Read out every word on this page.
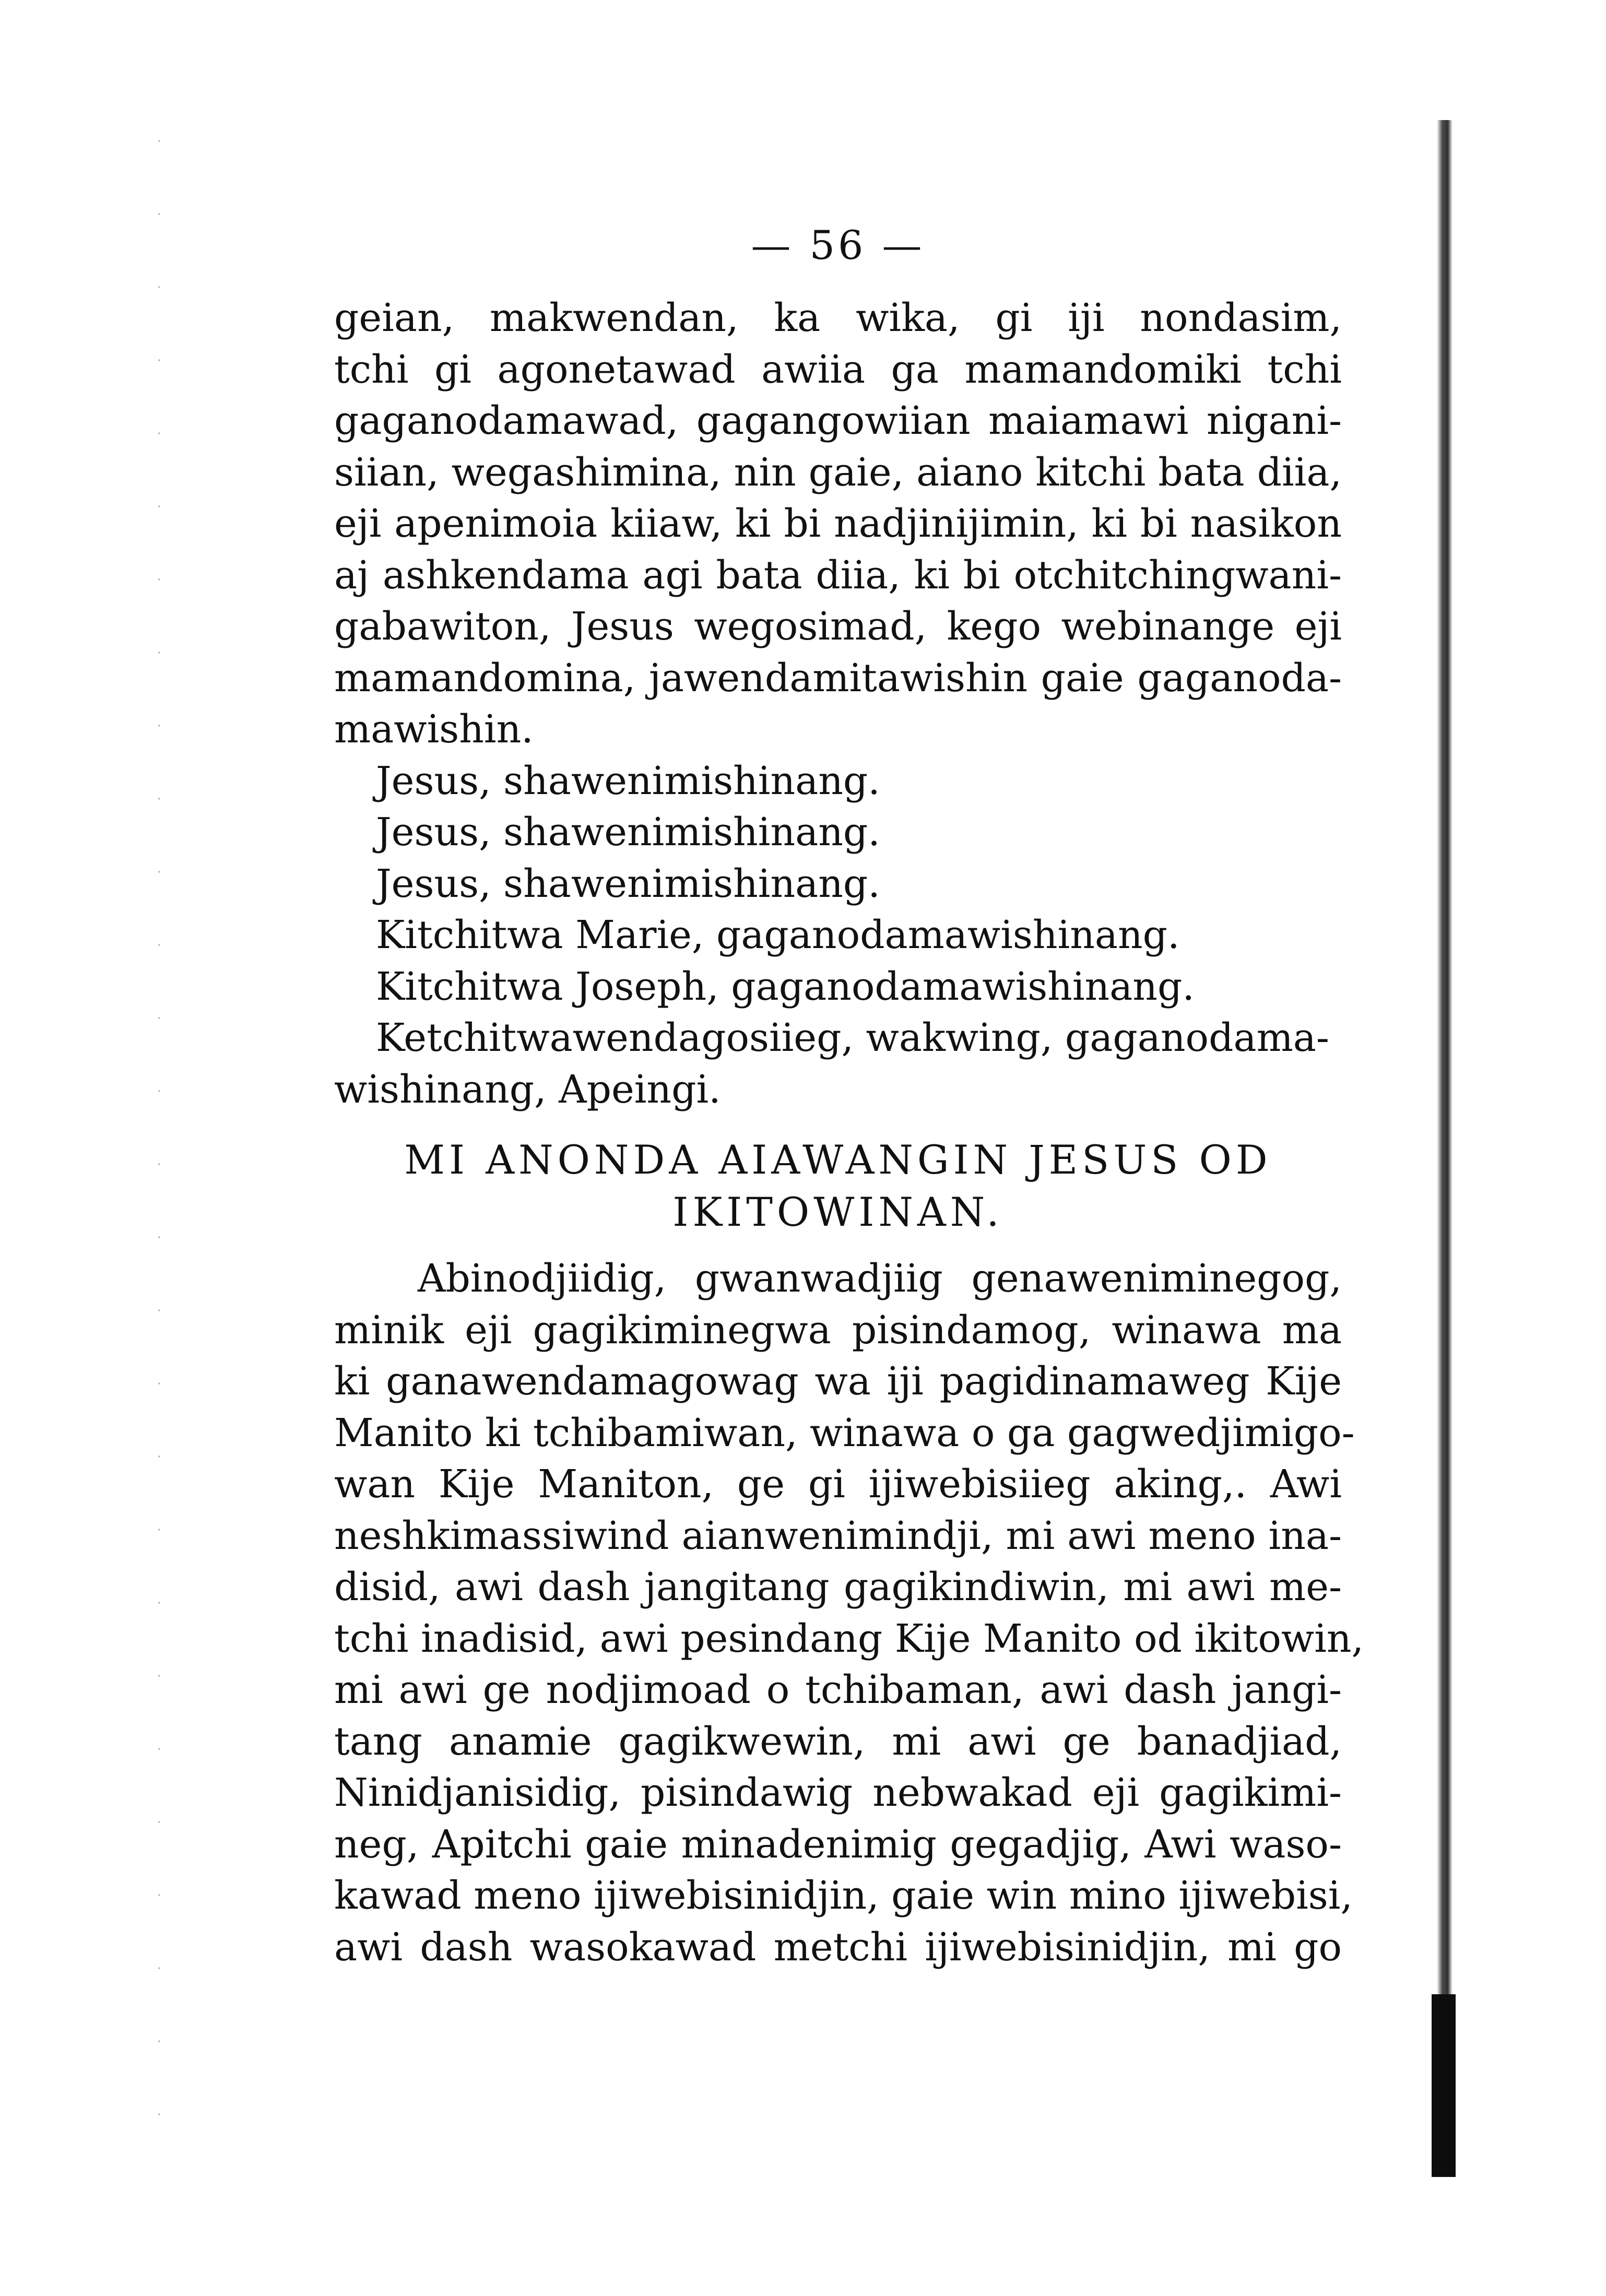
— 56 —
geian, makwendan, ka wika, gi iji nondasim,
tchi gi agonetawad awiia ga mamandomiki tchi
gaganodamawad, gagangowiian maiamawi nigani-
siian, wegashimina, nin gaie, aiano kitchi bata diia,
eji apenimoia kiiaw, ki bi nadjinijimin, ki bi nasikon
aj ashkendama agi bata diia, ki bi otchitchingwani-
gabawiton, Jesus wegosimad, kego webinange eji
mamandomina, jawendamitawishin gaie gaganoda-
mawishin.
Jesus, shawenimishinang.
Jesus, shawenimishinang.
Jesus, shawenimishinang.
Kitchitwa Marie, gaganodamawishinang.
Kitchitwa Joseph, gaganodamawishinang.
Ketchitwawendagosiieg, wakwing, gaganodama-
wishinang, Apeingi.
MI ANONDA AIAWANGIN JESUS OD
IKITOWINAN.
Abinodjiidig, gwanwadjiig genaweniminegog,
minik eji gagikiminegwa pisindamog, winawa ma
ki ganawendamagowag wa iji pagidinamaweg Kije
Manito ki tchibamiwan, winawa o ga gagwedjimigo-
wan Kije Maniton, ge gi ijiwebisiieg aking,. Awi
neshkimassiwind aianwenimindji, mi awi meno ina-
disid, awi dash jangitang gagikindiwin, mi awi me-
tchi inadisid, awi pesindang Kije Manito od ikitowin,
mi awi ge nodjimoad o tchibaman, awi dash jangi-
tang anamie gagikwewin, mi awi ge banadjiad,
Ninidjanisidig, pisindawig nebwakad eji gagikimi-
neg, Apitchi gaie minadenimig gegadjig, Awi waso-
kawad meno ijiwebisinidjin, gaie win mino ijiwebisi,
awi dash wasokawad metchi ijiwebisinidjin, mi go
